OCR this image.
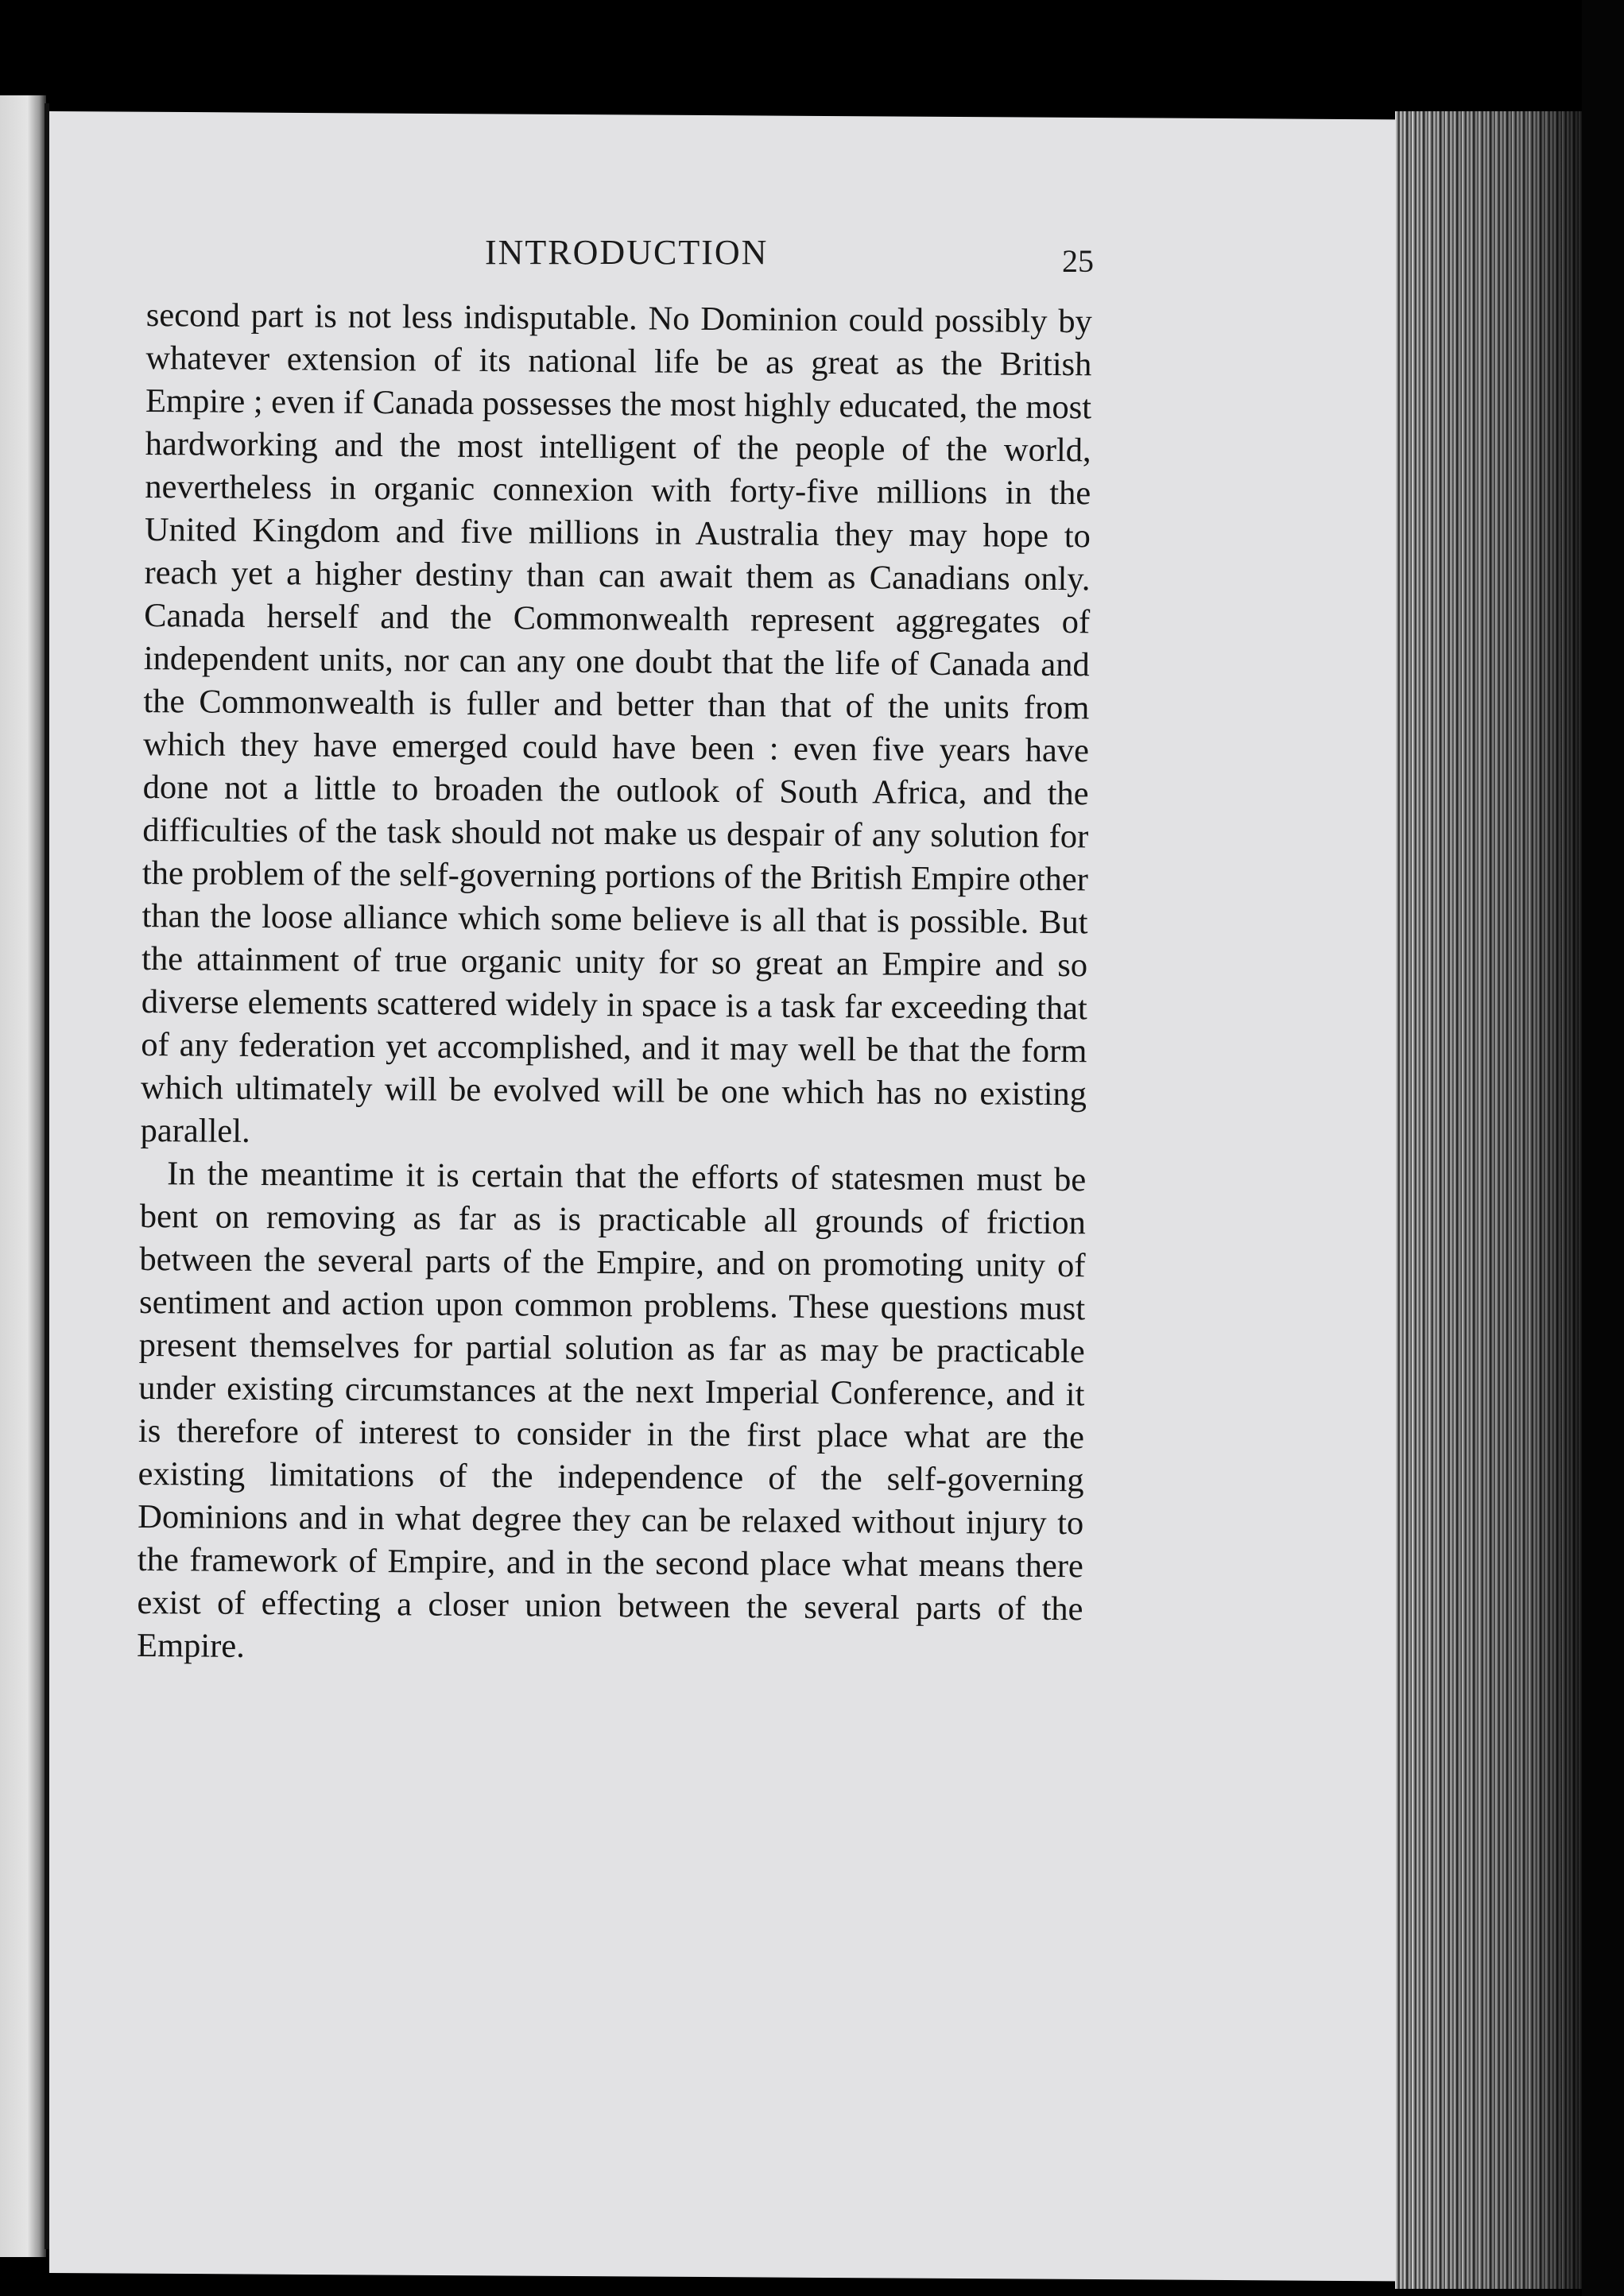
INTRODUCTION	25

second part is not less indisputable. No Dominion could possibly by whatever extension of its national life be as great as the British Empire ; even if Canada possesses the most highly educated, the most hardworking and the most intelligent of the people of the world, nevertheless in organic connexion with forty-five millions in the United Kingdom and five millions in Australia they may hope to reach yet a higher destiny than can await them as Canadians only. Canada herself and the Commonwealth represent aggregates of independent units, nor can any one doubt that the life of Canada and the Commonwealth is fuller and better than that of the units from which they have emerged could have been : even five years have done not a little to broaden the outlook of South Africa, and the difficulties of the task should not make us despair of any solution for the problem of the self-governing portions of the British Empire other than the loose alliance which some believe is all that is possible. But the attainment of true organic unity for so great an Empire and so diverse elements scattered widely in space is a task far exceeding that of any federation yet accomplished, and it may well be that the form which ultimately will be evolved will be one which has no existing parallel.

In the meantime it is certain that the efforts of statesmen must be bent on removing as far as is practicable all grounds of friction between the several parts of the Empire, and on promoting unity of sentiment and action upon common problems. These questions must present themselves for partial solution as far as may be practicable under existing circumstances at the next Imperial Conference, and it is therefore of interest to consider in the first place what are the existing limitations of the independence of the self-governing Dominions and in what degree they can be relaxed without injury to the framework of Empire, and in the second place what means there exist of effecting a closer union between the several parts of the Empire.
